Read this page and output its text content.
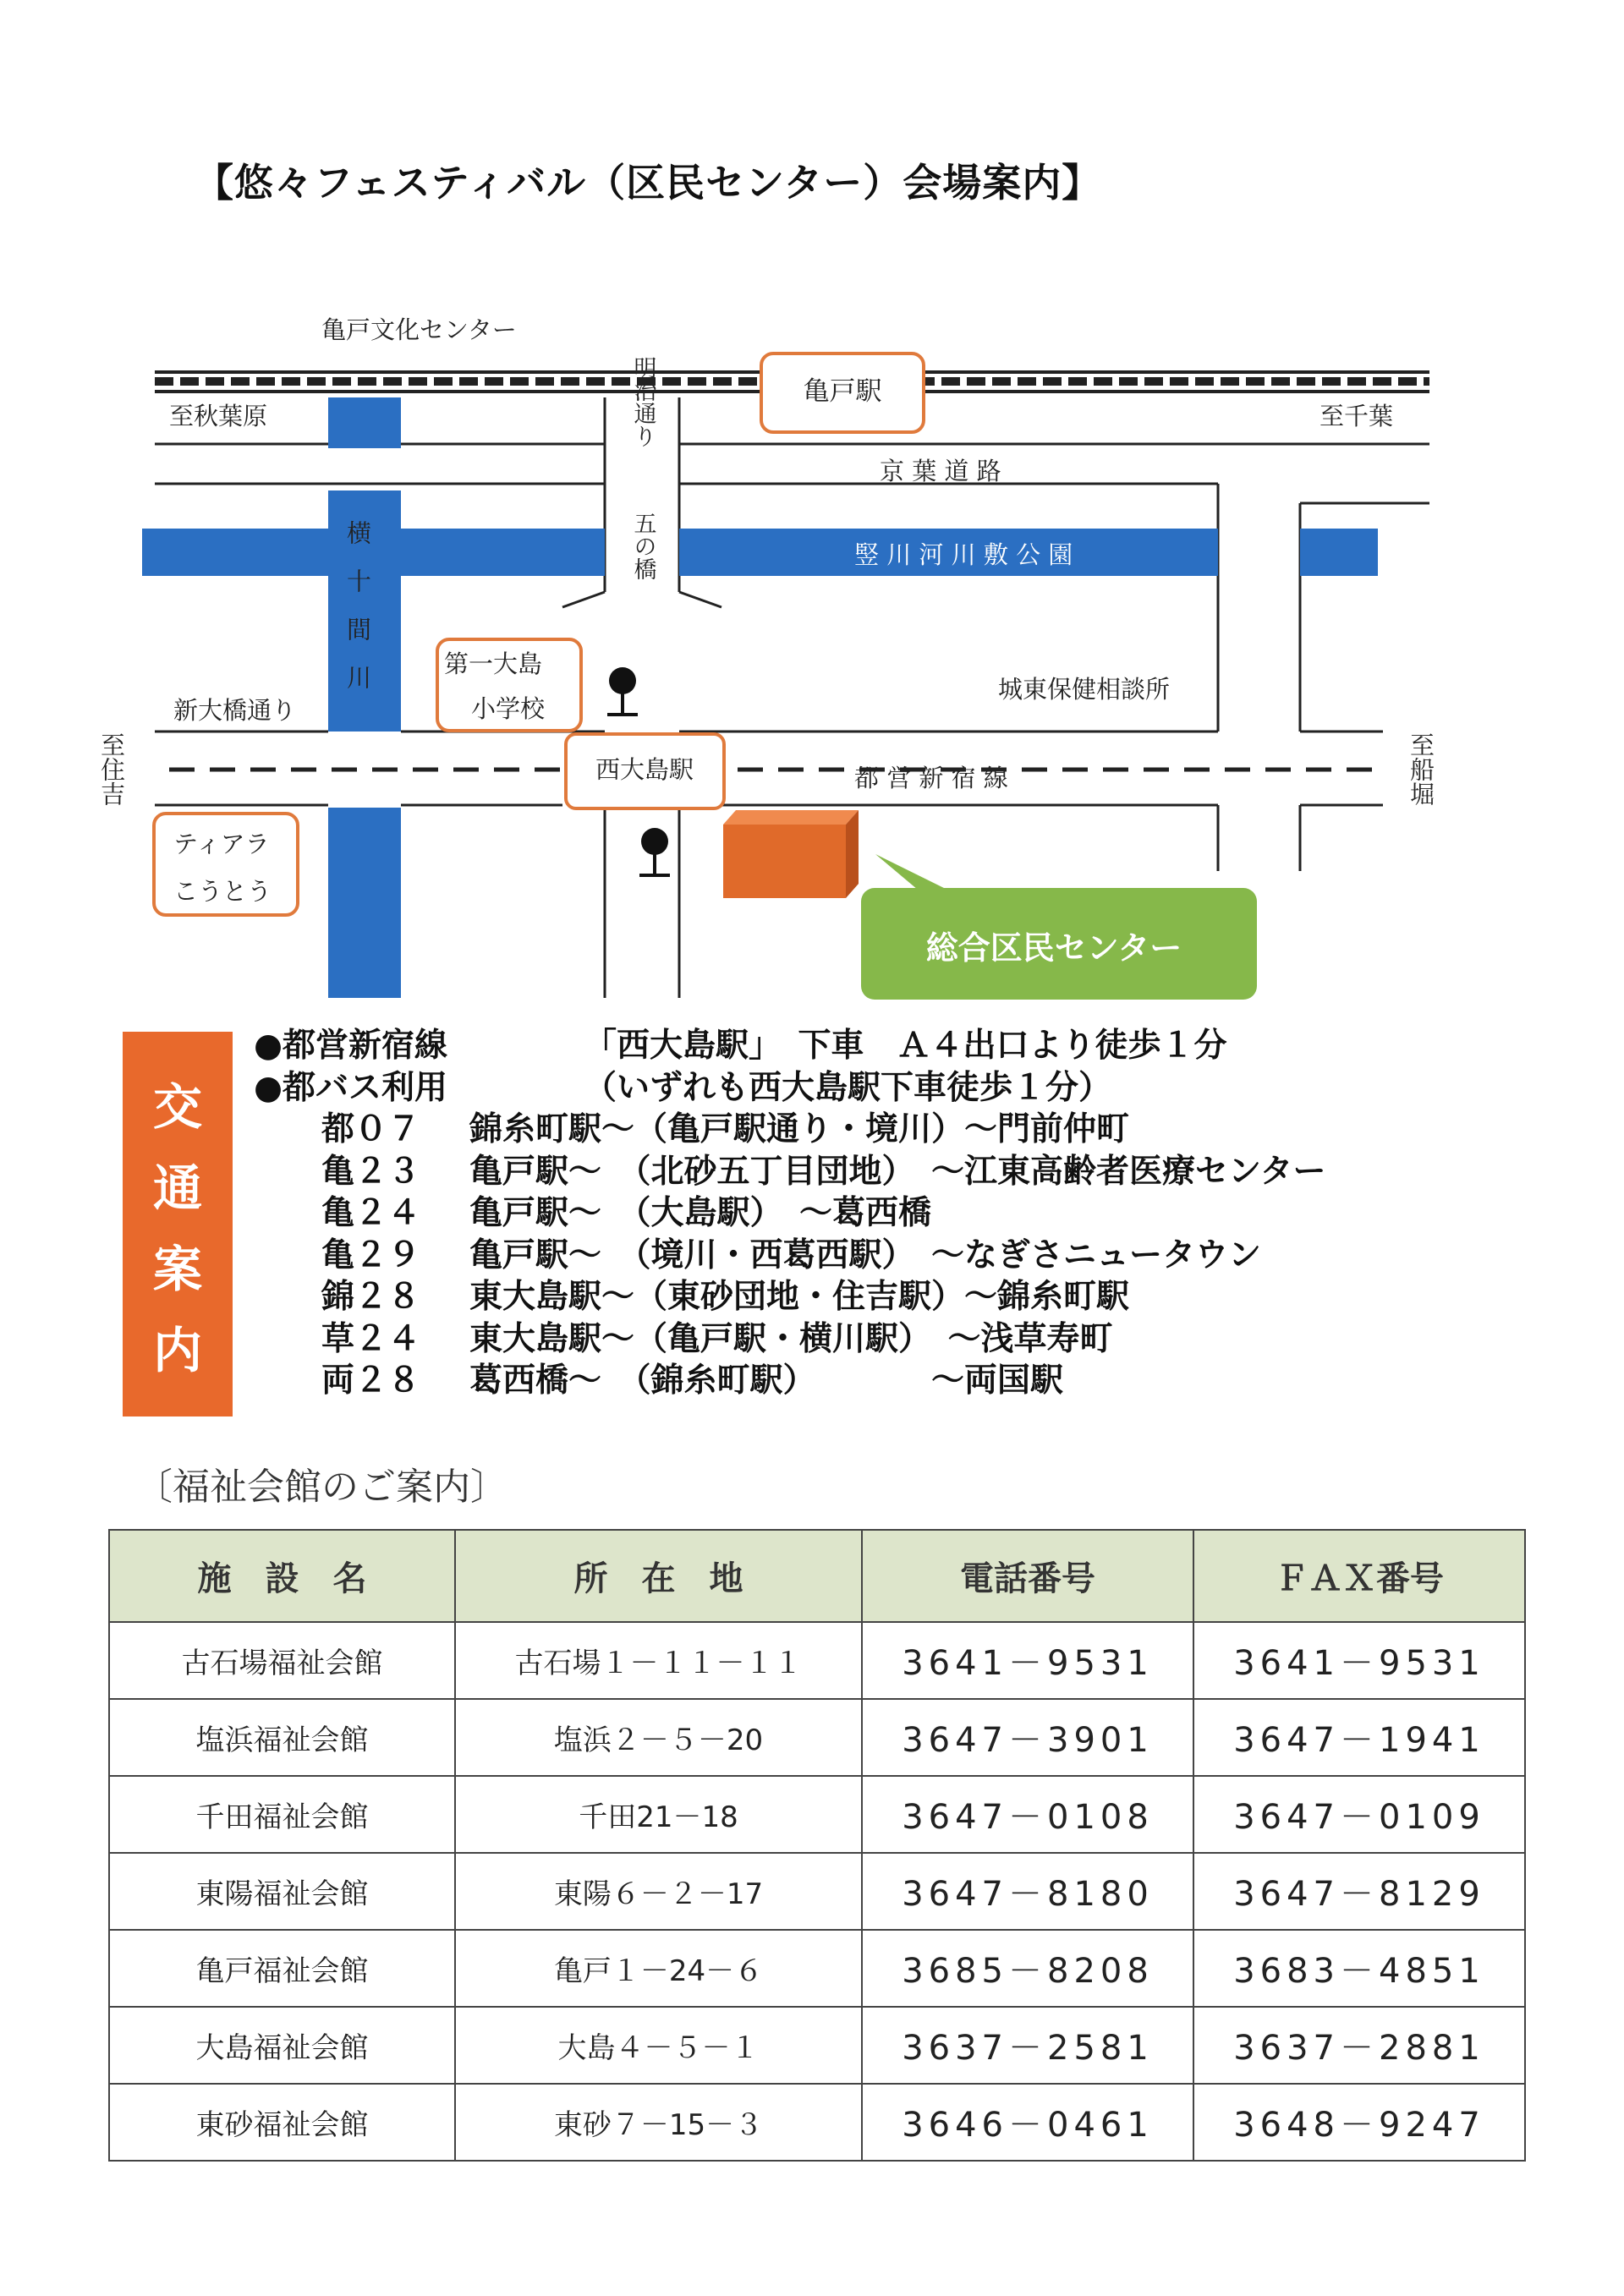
【悠々フェスティバル（区民センター）会場案内】
亀戸文化センター
亀戸駅
至秋葉原	至千葉
明治通り
京 葉 道 路
五の橋
横十間川	竪 川 河 川 敷 公 園
第一大島
小学校
新大橋通り
城東保健相談所
至住吉	至船堀
西大島駅	都 営 新 宿 線
ティアラ
こうとう
総合区民センター
交
通
案
内
●都営新宿線	「西大島駅」　下車　Ａ４出口より徒歩１分
●都バス利用	（いずれも西大島駅下車徒歩１分）
都０７ 錦糸町駅～（亀戸駅通り・境川）～門前仲町
亀２３ 亀戸駅～　（北砂五丁目団地）　～江東高齢者医療センター
亀２４ 亀戸駅～　（大島駅）　～葛西橋
亀２９ 亀戸駅～　（境川・西葛西駅）　～なぎさニュータウン
錦２８ 東大島駅～（東砂団地・住吉駅）～錦糸町駅
草２４ 東大島駅～（亀戸駅・横川駅）　～浅草寿町
両２８ 葛西橋～　（錦糸町駅）　　　　～両国駅
〔福祉会館のご案内〕
施　設　名	所　在　地	電話番号	ＦＡＸ番号
古石場福祉会館	古石場１－１１－１１	3641－9531	3641－9531
塩浜福祉会館	塩浜２－５－20	3647－3901	3647－1941
千田福祉会館	千田21－18	3647－0108	3647－0109
東陽福祉会館	東陽６－２－17	3647－8180	3647－8129
亀戸福祉会館	亀戸１－24－６	3685－8208	3683－4851
大島福祉会館	大島４－５－１	3637－2581	3637－2881
東砂福祉会館	東砂７－15－３	3646－0461	3648－9247
